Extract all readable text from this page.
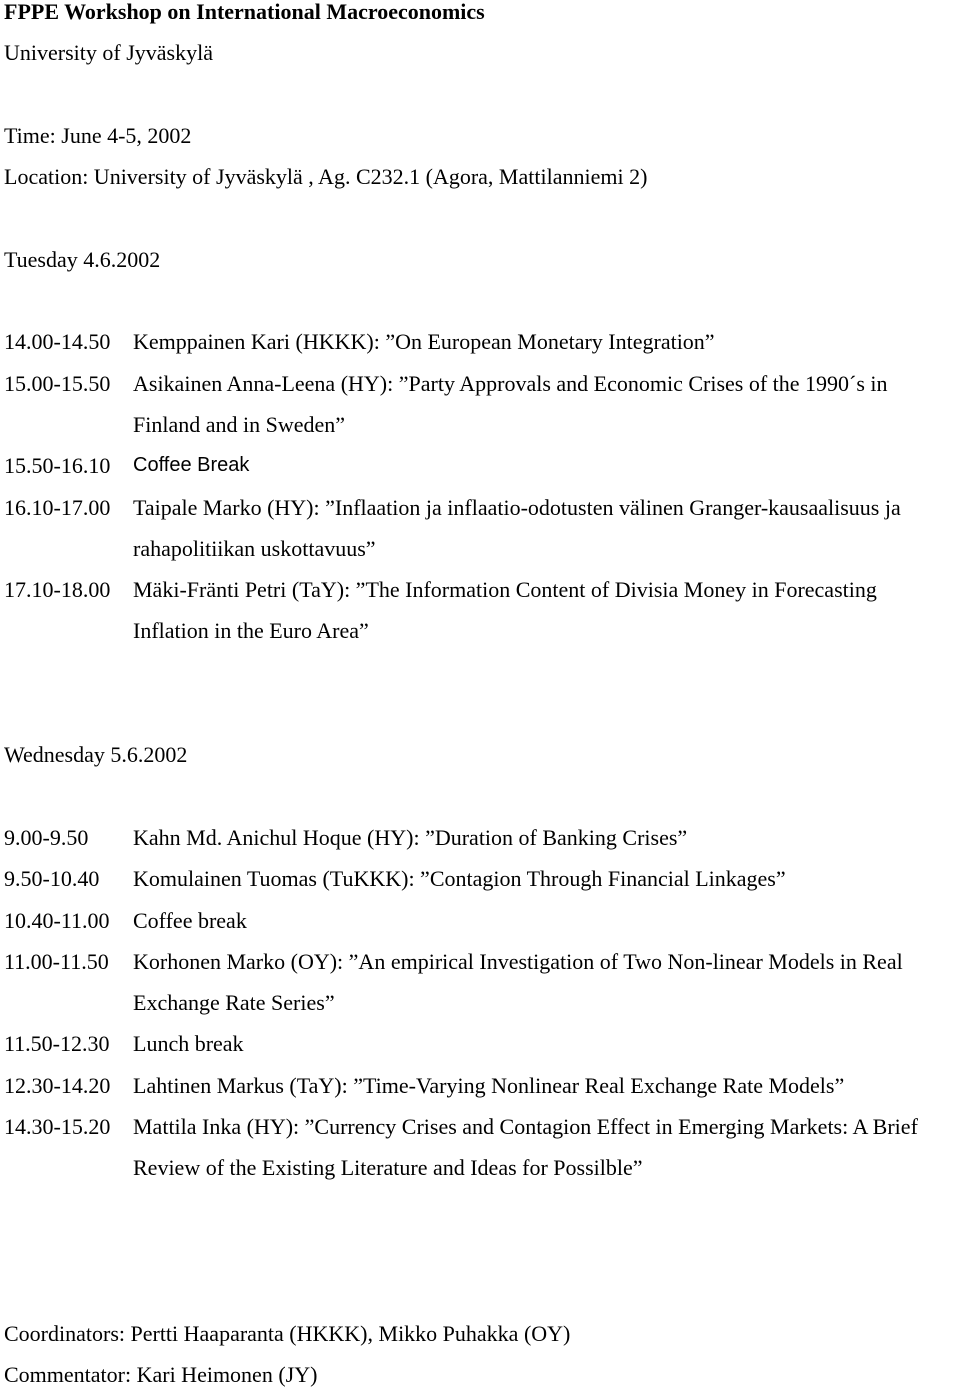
FPPE Workshop on International Macroeconomics
University of Jyväskylä
Time: June 4-5, 2002
Location: University of Jyväskylä , Ag. C232.1 (Agora, Mattilanniemi 2)
Tuesday 4.6.2002
14.00-14.50	Kemppainen Kari (HKKK): ”On European Monetary Integration”
15.00-15.50	Asikainen Anna-Leena (HY): ”Party Approvals and Economic Crises of the 1990´s in Finland and in Sweden”
15.50-16.10	Coffee Break
16.10-17.00	Taipale Marko (HY): ”Inflaation ja inflaatio-odotusten välinen Granger-kausaalisuus ja rahapolitiikan uskottavuus”
17.10-18.00	Mäki-Fränti Petri (TaY): ”The Information Content of Divisia Money in Forecasting Inflation in the Euro Area”
Wednesday 5.6.2002
9.00-9.50	Kahn Md. Anichul Hoque (HY): ”Duration of Banking Crises”
9.50-10.40	Komulainen Tuomas (TuKKK): ”Contagion Through Financial Linkages”
10.40-11.00	Coffee break
11.00-11.50	Korhonen Marko (OY): ”An empirical Investigation of Two Non-linear Models in Real Exchange Rate Series”
11.50-12.30	Lunch break
12.30-14.20	Lahtinen Markus (TaY): ”Time-Varying Nonlinear Real Exchange Rate Models”
14.30-15.20	Mattila Inka (HY): ”Currency Crises and Contagion Effect in Emerging Markets: A Brief Review of the Existing Literature and Ideas for Possilble”
Coordinators: Pertti Haaparanta (HKKK), Mikko Puhakka (OY)
Commentator: Kari Heimonen (JY)
